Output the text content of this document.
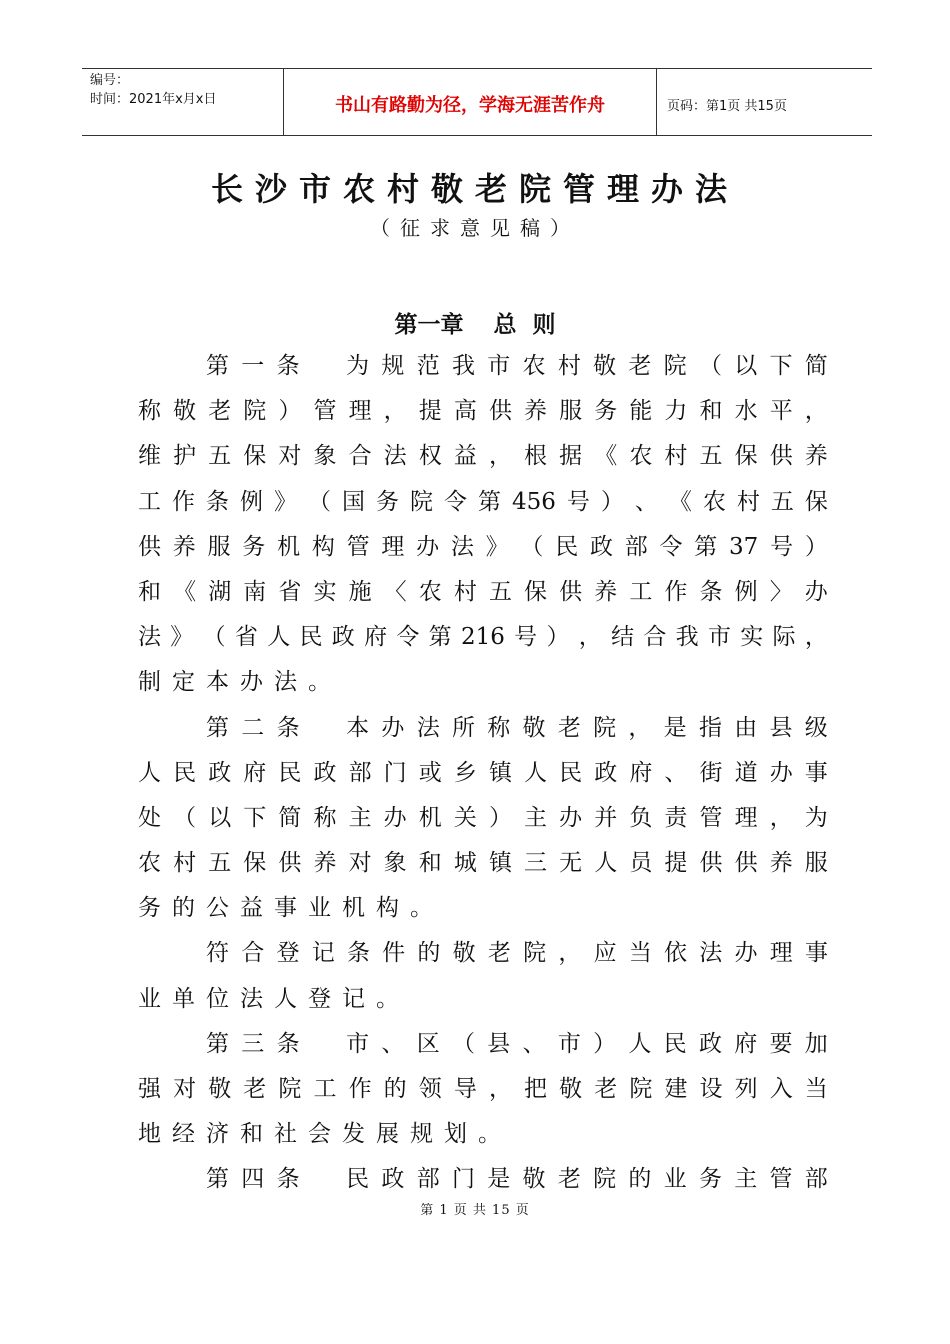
编号：
时间：2021年x月x日	书山有路勤为径，学海无涯苦作舟	页码：第1页 共15页
长沙市农村敬老院管理办法
（征求意见稿）
第一章 总  则
第 一 条 为 规 范 我 市 农 村 敬 老 院 （ 以 下 简
称 敬 老 院 ） 管 理 ， 提 高 供 养 服 务 能 力 和 水 平 ，
维 护 五 保 对 象 合 法 权 益 ， 根 据 《 农 村 五 保 供 养
工 作 条 例 》 （ 国 务 院 令 第 456 号 ） 、 《 农 村 五 保
供 养 服 务 机 构 管 理 办 法 》 （ 民 政 部 令 第 37 号 ）
和 《 湖 南 省 实 施 〈 农 村 五 保 供 养 工 作 条 例 〉 办
法 》 （ 省 人 民 政 府 令 第 216 号 ） ， 结 合 我 市 实 际 ，
制 定 本 办 法 。
第 二 条 本 办 法 所 称 敬 老 院 ， 是 指 由 县 级
人 民 政 府 民 政 部 门 或 乡 镇 人 民 政 府 、 街 道 办 事
处 （ 以 下 简 称 主 办 机 关 ） 主 办 并 负 责 管 理 ， 为
农 村 五 保 供 养 对 象 和 城 镇 三 无 人 员 提 供 供 养 服
务 的 公 益 事 业 机 构 。
符 合 登 记 条 件 的 敬 老 院 ， 应 当 依 法 办 理 事
业 单 位 法 人 登 记 。
第 三 条 市 、 区 （ 县 、 市 ） 人 民 政 府 要 加
强 对 敬 老 院 工 作 的 领 导 ， 把 敬 老 院 建 设 列 入 当
地 经 济 和 社 会 发 展 规 划 。
第 四 条 民 政 部 门 是 敬 老 院 的 业 务 主 管 部
第 1 页 共 15 页
